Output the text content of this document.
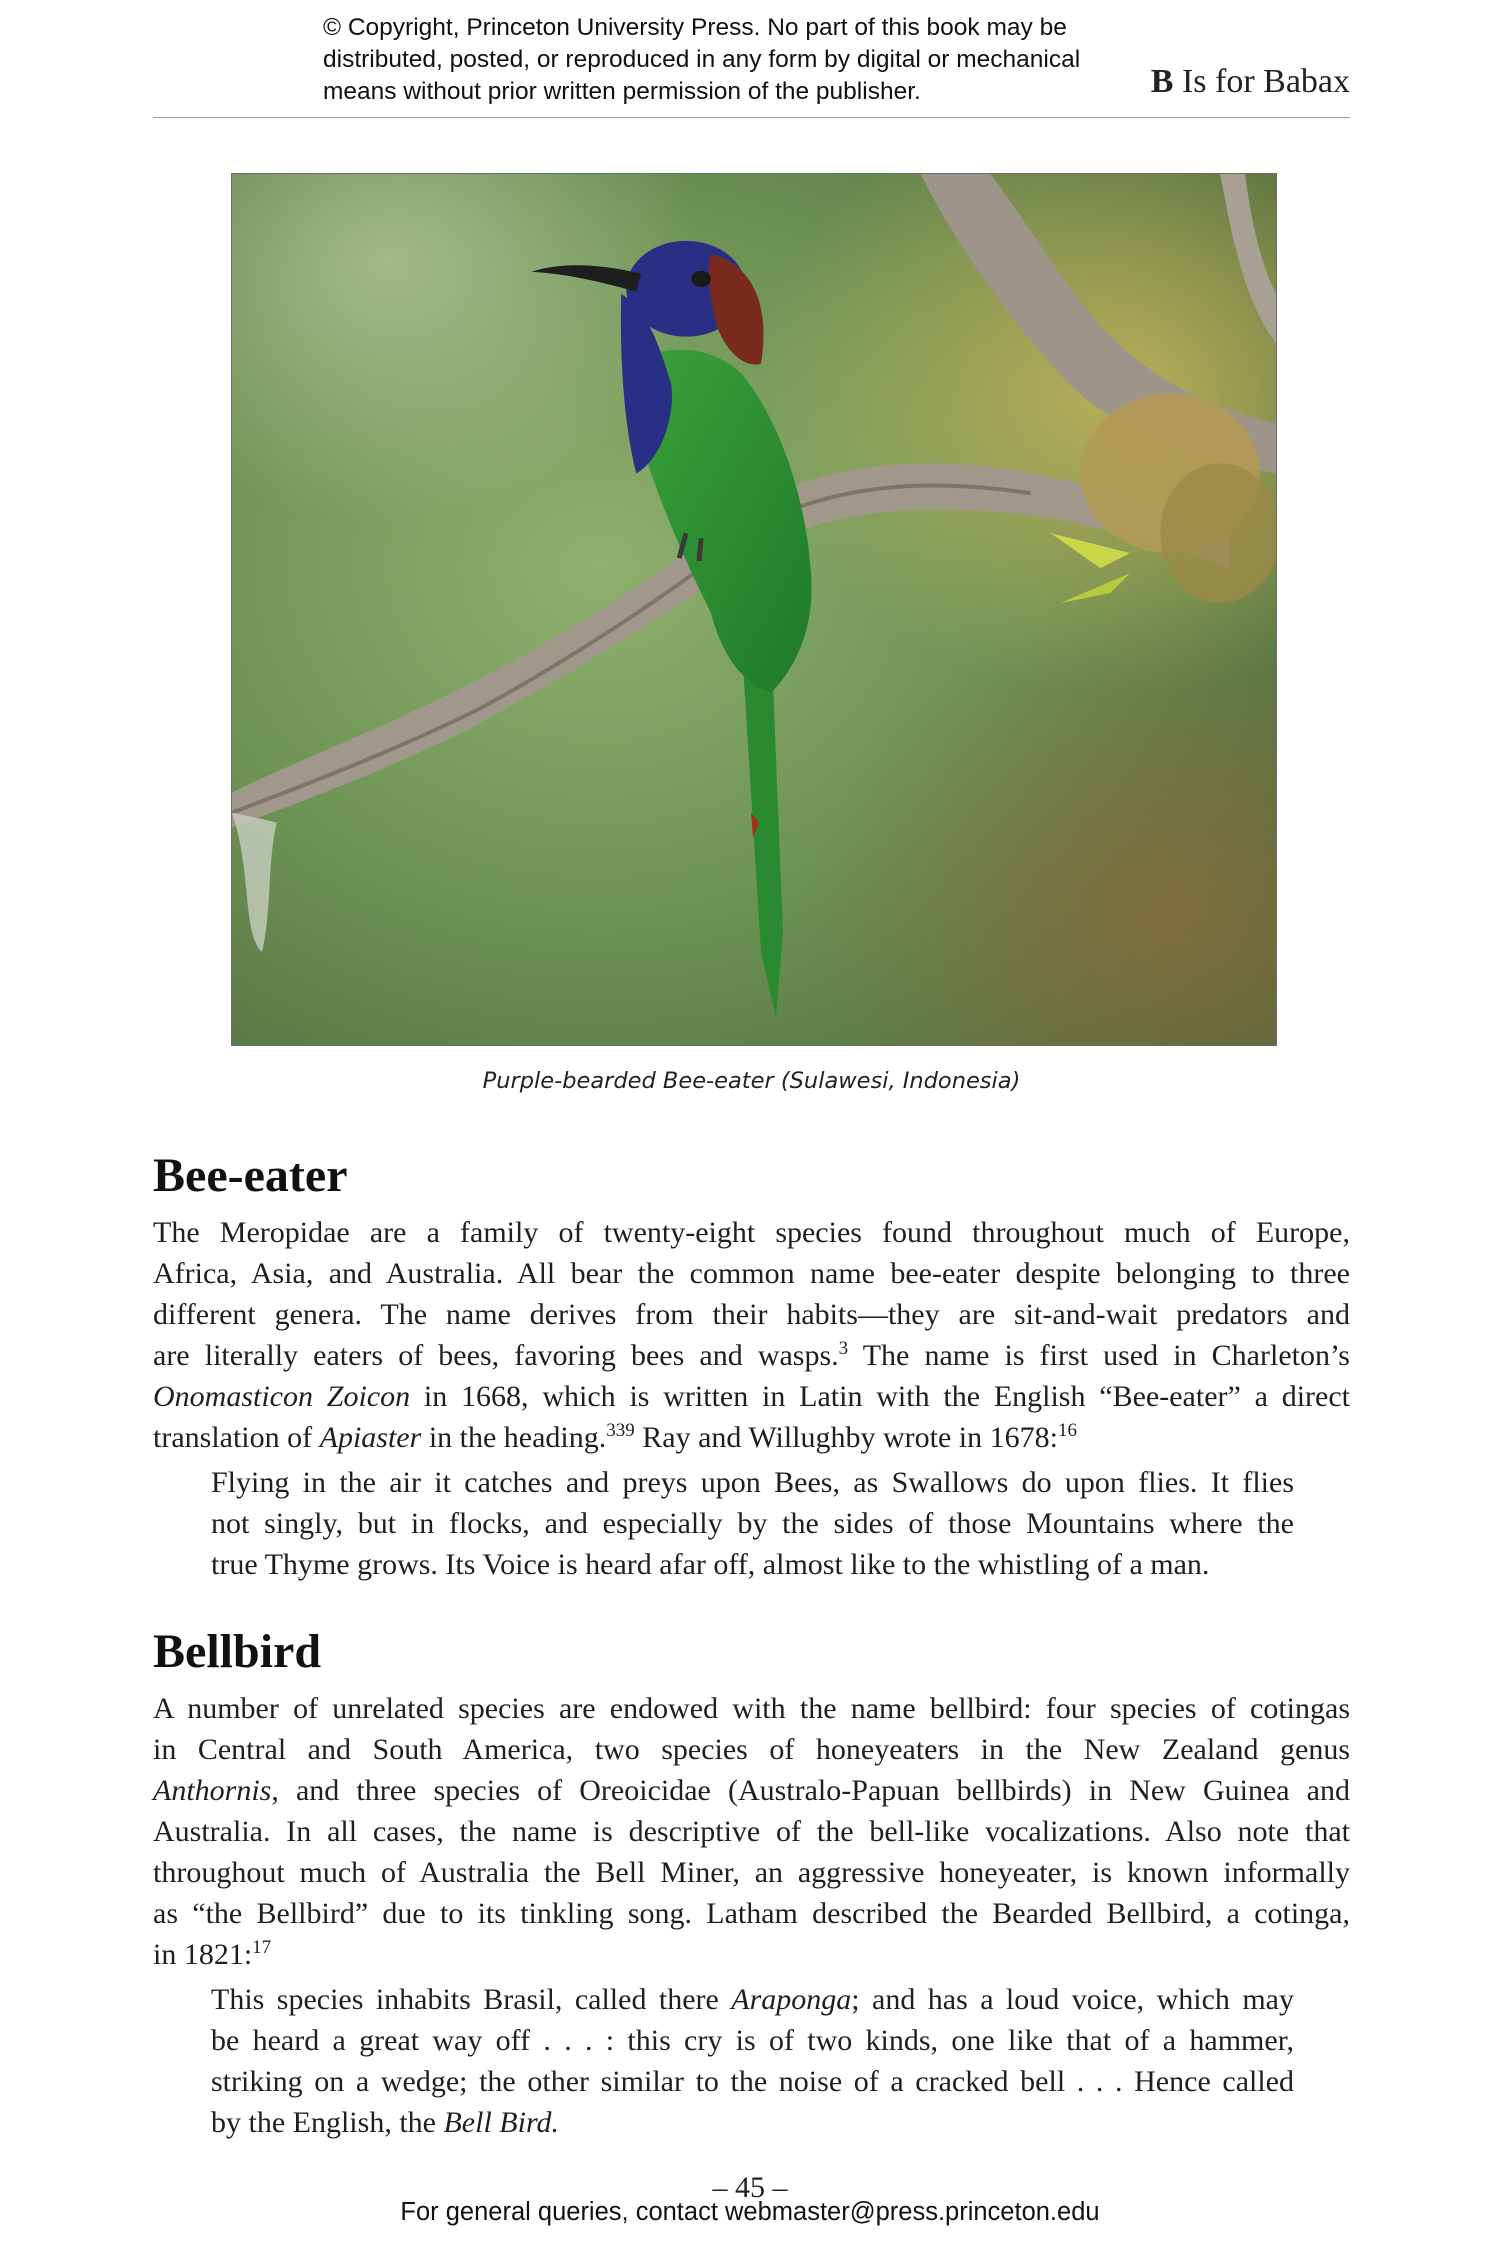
© Copyright, Princeton University Press. No part of this book may be
distributed, posted, or reproduced in any form by digital or mechanical
means without prior written permission of the publisher.	B Is for Babax
Purple-bearded Bee-eater (Sulawesi, Indonesia)
Bee-eater

The Meropidae are a family of twenty-eight species found throughout much of Europe,
Africa, Asia, and Australia. All bear the common name bee-eater despite belonging to three
different genera. The name derives from their habits—they are sit-and-wait predators and
are literally eaters of bees, favoring bees and wasps.$^3$ The name is first used in Charleton’s
Onomasticon Zoicon in 1668, which is written in Latin with the English “Bee-eater” a direct
translation of Apiaster in the heading.$^{339}$ Ray and Willughby wrote in 1678:$^{16}$

Flying in the air it catches and preys upon Bees, as Swallows do upon flies. It flies
not singly, but in flocks, and especially by the sides of those Mountains where the
true Thyme grows. Its Voice is heard afar off, almost like to the whistling of a man.

Bellbird

A number of unrelated species are endowed with the name bellbird: four species of cotingas
in Central and South America, two species of honeyeaters in the New Zealand genus
Anthornis, and three species of Oreoicidae (Australo-Papuan bellbirds) in New Guinea and
Australia. In all cases, the name is descriptive of the bell-like vocalizations. Also note that
throughout much of Australia the Bell Miner, an aggressive honeyeater, is known informally
as “the Bellbird” due to its tinkling song. Latham described the Bearded Bellbird, a cotinga,
in 1821:$^{17}$

This species inhabits Brasil, called there Araponga; and has a loud voice, which may
be heard a great way off . . . : this cry is of two kinds, one like that of a hammer,
striking on a wedge; the other similar to the noise of a cracked bell . . . Hence called
by the English, the Bell Bird.

– 45 –
For general queries, contact webmaster@press.princeton.edu
